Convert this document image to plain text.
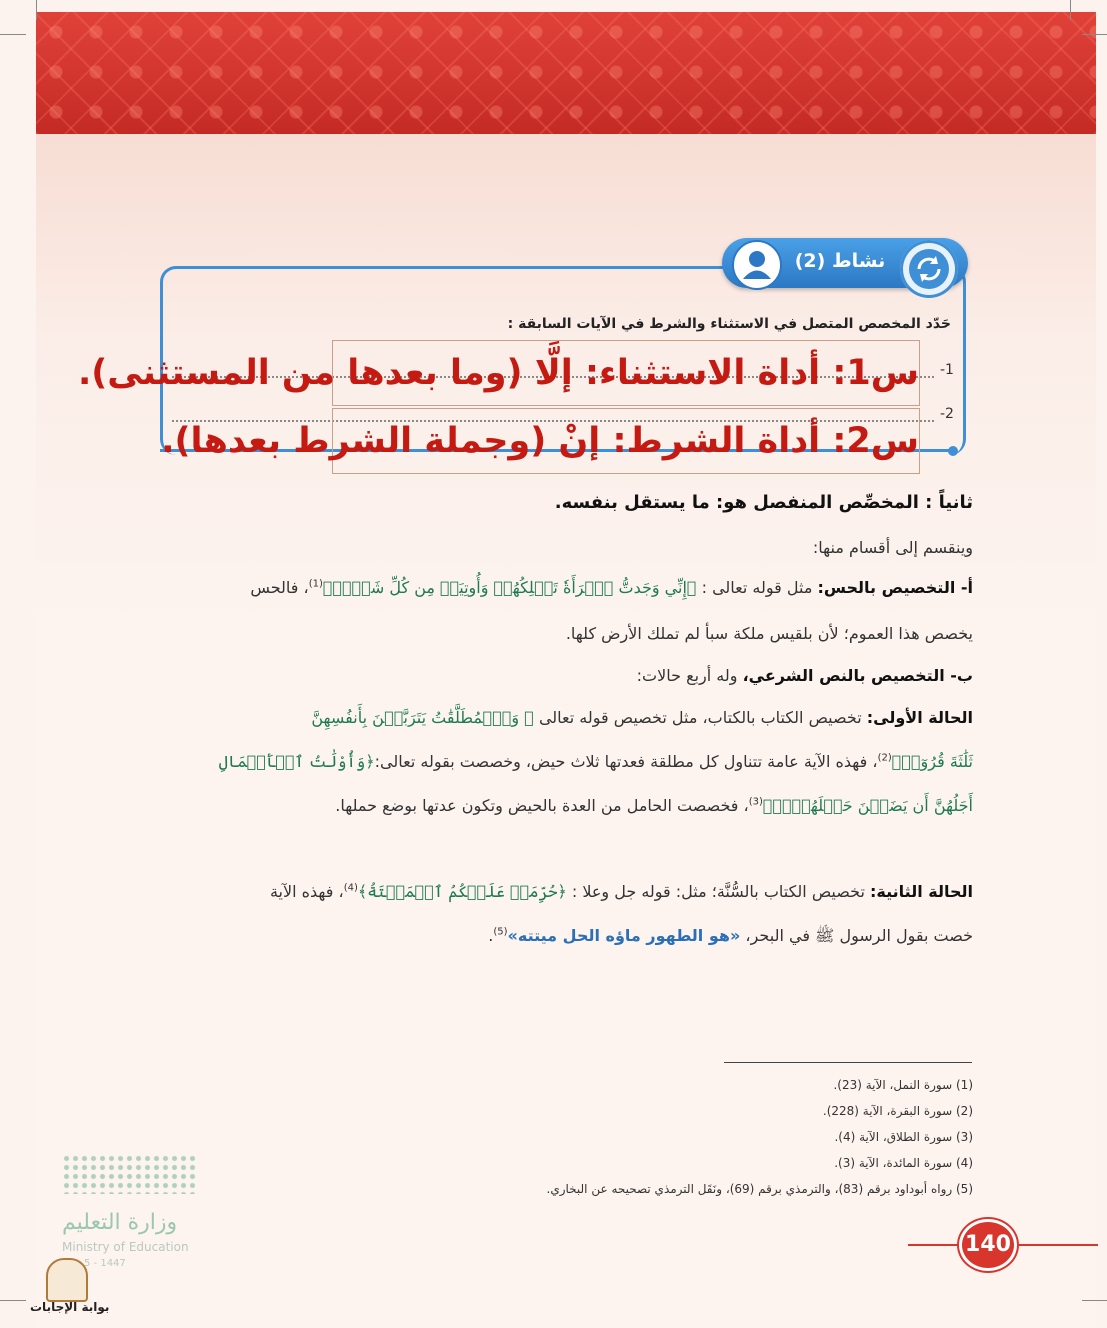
نشاط (2)
حَدّد المخصص المتصل في الاستثناء والشرط في الآيات السابقة :
-1
س1: أداة الاستثناء: إلَّا (وما بعدها من المستثنى).
-2
س2: أداة الشرط: إنْ (وجملة الشرط بعدها).
ثانياً : المخصِّص المنفصل هو: ما يستقل بنفسه.
وينقسم إلى أقسام منها:
أ- التخصيص بالحس: مثل قوله تعالى : ﴿إِنِّي وَجَدتُّ ٱمۡرَأَةٗ تَمۡلِكُهُمۡ وَأُوتِيَتۡ مِن كُلِّ شَيۡءٖ﴾$^{(1)}$، فالحس
يخصص هذا العموم؛ لأن بلقيس ملكة سبأ لم تملك الأرض كلها.
ب- التخصيص بالنص الشرعي، وله أربع حالات:
الحالة الأولى: تخصيص الكتاب بالكتاب، مثل تخصيص قوله تعالى ﴿ وَٱلۡمُطَلَّقَٰتُ يَتَرَبَّصۡنَ بِأَنفُسِهِنَّ
ثَلَٰثَةَ قُرُوٓءٖ﴾$^{(2)}$، فهذه الآية عامة تتناول كل مطلقة فعدتها ثلاث حيض، وخصصت بقوله تعالى:﴿وَأُوْلَٰتُ ٱلۡأَحۡمَالِ
أَجَلُهُنَّ أَن يَضَعۡنَ حَمۡلَهُنَّۚ﴾$^{(3)}$، فخصصت الحامل من العدة بالحيض وتكون عدتها بوضع حملها.
الحالة الثانية: تخصيص الكتاب بالسُّنَّة؛ مثل: قوله جل وعلا : ﴿حُرِّمَتۡ عَلَيۡكُمُ ٱلۡمَيۡتَةُ﴾$^{(4)}$، فهذه الآية
خصت بقول الرسول ﷺ في البحر، «هو الطهور ماؤه الحل ميتته»$^{(5)}$.
(1) سورة النمل، الآية (23).
(2) سورة البقرة، الآية (228).
(3) سورة الطلاق، الآية (4).
(4) سورة المائدة، الآية (3).
(5) رواه أبوداود برقم (83)، والترمذي برقم (69)، ونَقَل الترمذي تصحيحه عن البخاري.
140
وزارة التعليم
Ministry of Education
5 - 1447
بوابة الإجابات
